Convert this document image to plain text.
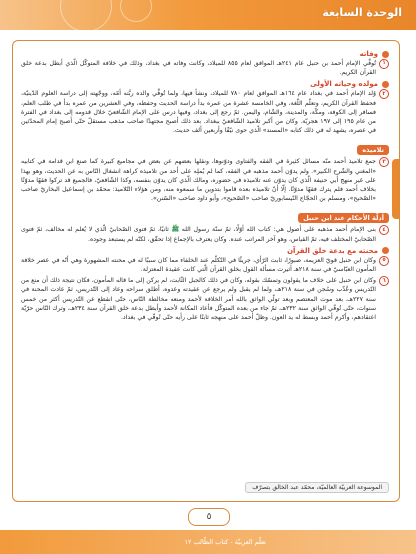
الوحدة السابعة
وفاته
١
تُوفِّي الإمام أحمد بن حنبل عام ٢٤١هـ الموافق لعام ٨٥٥ للميلاد، وكانت وفاته في بغداد، وذلك في خلافة المتوكّل الّذي أبطل بدعة خلق القرآن الكريم.
مولده وحياته الأولى
٢
وُلد الإمام أحمد في بغداد عام ١٦٤هـ الموافق لعام ٧٨٠ للميلاد، ونشأ فيها، ولما تُوفِّي والده ربَّته أمّه، ووجّهته إلى دراسة العلوم الدّينيّة، فحفظ القرآن الكريم، وتعلّم اللّغة، وفي الخامسة عشرة من عمره بدأ دراسة الحديث وحفظه، وفي العشرين من عمره بدأ في طلب العلم، فسافر إلى الكوفة، ومكّة، والمدينة، والشّام، واليمن. ثمّ رجع إلى بغداد، وفيها درس على الإمام الشّافعيّ خلال قدومه إلى بغداد في الفترة من عام ١٩٥ إلى ١٩٧ هجريّة. وكان من أكبر تلاميذ الشّافعيّ ببغداد. بعد ذلك أصبح مجتهدًا صاحب مذهب مستقلّ حتّى أصبح إمام المحدّثين في عصره، يشهد له في ذلك كتابه «المسند» الّذي حوى نيّفًا وأربعين ألف حديث.
تلاميذه
٣
جمع تلاميذ أحمد منّه مسائل كثيرة في الفقه والفتاوى ودوّنوها، ونقلها بعضهم عن بعض في مجاميع كبيرة كما صنع ابن قدامة في كتابيه «المغني والشّرح الكبير». ولم يدوّن أحمد مذهبه في الفقه، كما لم يُملِه على أحد من تلاميذه كراهة انشغال النّاس به عن الحديث، وهو بهذا على غير منهج أبي حنيفة الّذي كان يدوّن عنه تلاميذه في حضوره، ومالك الّذي كان يدوّن بنفسه، وكذا الشّافعيّ، فالجميع قد تركوا فقهًا مدوّنًا بخلاف أحمد فلم يترك فقهًا مدوّنًا. إلّا أنّ تلاميذه بعده قاموا بتدوين ما سمعوه منه، ومن هؤلاء التّلاميذ: محمّد بن إسماعيل البخاريّ صاحب «الصّحيح»، ومسلم بن الحجّاج النّيسابوريّ صاحب «الصّحيح»، وأبو داود صاحب «السّنن».
أدلّة الأحكام عند ابن حنبل
٤
بنى الإمام أحمد مذهبه على أصول هي: كتاب الله أوّلًا، ثمّ سنّة رسول الله ﷺ ثانيًا، ثمّ فتوى الصّحابيّ الّذي لا يُعلم له مخالف، ثمّ فتوى الصّحابيّ المختلف فيه، ثمّ القياس، وهو آخر المراتب عنده. وكان يعترف بالإجماع إذا تحقّق، لكنّه لم يستبعد وجوده.
محنته مع بدعة خلق القرآن
٥
وكان ابن حنبل قويّ العزيمة، صبورًا، ثابت الرّأي، جريئًا في التّكلّم عند الخلفاء مما كان سببًا له في محنته المشهورة وهي أنّه في عصر خلافة المأمون العبّاسيّ في سنة ٢١٨هـ أثيرت مسألة القول بخلق القرآن الّتي كانت عقيدة المعتزلة.
٦
وكان ابن حنبل على خلاف ما يقولون وتمسّك بقوله، وكان في ذلك كالجبل الثّابت، لم يركن إلى ما قاله المأمون، فكان نتيجة ذلك أن منع من التّدريس وعُذّب وسُجن في سنة ٢١٨هـ، ولما لم يقبل ولم يرجع عن عقيدته وعدوه، أطلق سراحه وعاد إلى التّدريس، ثمّ عادت المحنة في سنة ٢٢٧هـ، بعد موت المعتصم وبعد تولّي الواثق بالله أمر الخلافة لأحمد ومنعه مخالطة النّاس، حتّى انقطع عن التّدريس أكثر من خمس سنوات، حتّى تُوفّي الواثق سنة ٢٣٢هـ، ثمّ جاء من بعده المتوكّل فأعاد المكانة لأحمد وأبطل بدعة خلق القرآن سنة ٢٣٤هـ، وترك النّاس حرّيّة اعتقادهم، وأكرم أحمد وبسط له يد العون. وظلّ أحمد على منهجه ثابتًا على رأيه حتّى تُوفّي في بغداد.
الموسوعة العربيّة العالميّة، محمّد عبد الخالق بتصرّف
٥
تعلّم العربيّة - كتاب الطّالب ١٢
